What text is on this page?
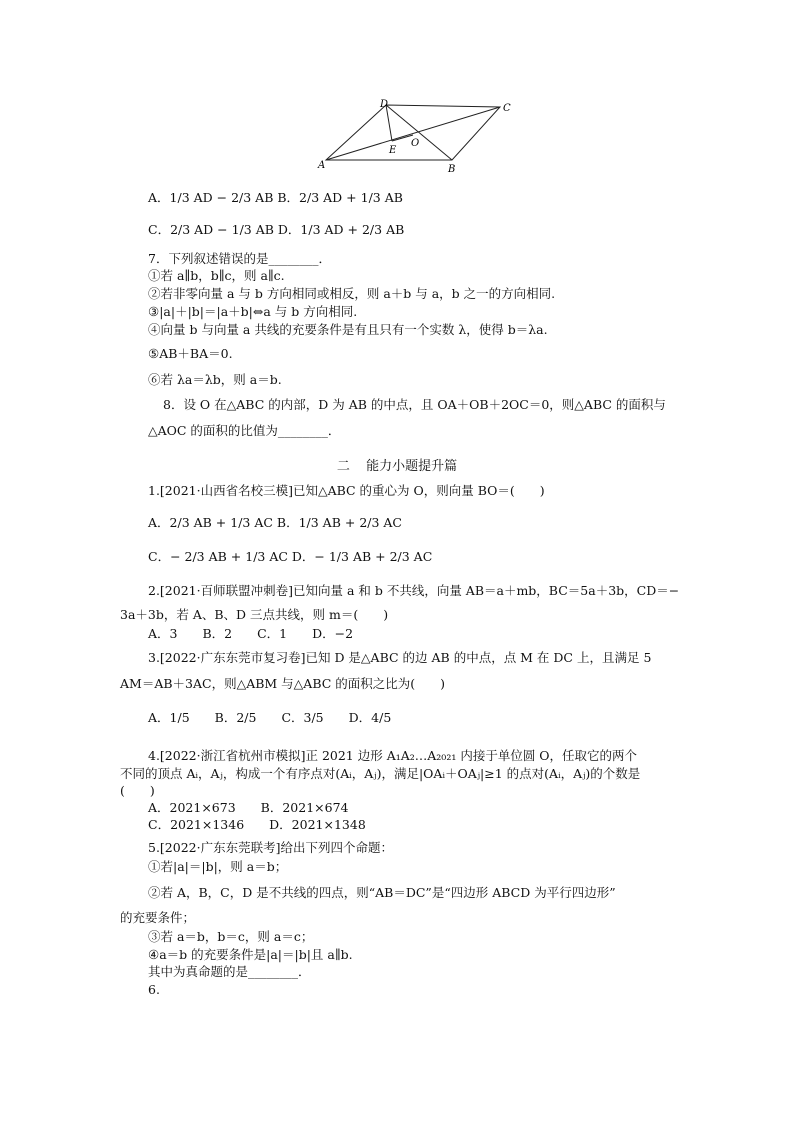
D	C
A	B
E
O
A．1/3 AD − 2/3 AB B．2/3 AD + 1/3 AB
C．2/3 AD − 1/3 AB D．1/3 AD + 2/3 AB
7．下列叙述错误的是________．
①若 a∥b，b∥c，则 a∥c.
②若非零向量 a 与 b 方向相同或相反，则 a＋b 与 a，b 之一的方向相同.
③|a|＋|b|＝|a＋b|⇔a 与 b 方向相同.
④向量 b 与向量 a 共线的充要条件是有且只有一个实数 λ，使得 b＝λa.
⑤AB＋BA＝0.
⑥若 λa＝λb，则 a＝b.
8．设 O 在△ABC 的内部，D 为 AB 的中点，且 OA＋OB＋2OC＝0，则△ABC 的面积与
△AOC 的面积的比值为________．
二 能力小题提升篇
1.[2021·山西省名校三模]已知△ABC 的重心为 O，则向量 BO＝(　　)
A．2/3 AB + 1/3 AC B．1/3 AB + 2/3 AC
C．− 2/3 AB + 1/3 AC D．− 1/3 AB + 2/3 AC
2.[2021·百师联盟冲刺卷]已知向量 a 和 b 不共线，向量 AB＝a＋mb，BC＝5a＋3b，CD＝−
3a＋3b，若 A、B、D 三点共线，则 m＝(　　)
A．3　　B．2　　C．1　　D．−2
3.[2022·广东东莞市复习卷]已知 D 是△ABC 的边 AB 的中点，点 M 在 DC 上，且满足 5
AM＝AB＋3AC，则△ABM 与△ABC 的面积之比为(　　)
A．1/5　　B．2/5　　C．3/5　　D．4/5
4.[2022·浙江省杭州市模拟]正 2021 边形 A₁A₂…A₂₀₂₁ 内接于单位圆 O，任取它的两个
不同的顶点 Aᵢ，Aⱼ，构成一个有序点对(Aᵢ，Aⱼ)，满足|OAᵢ＋OAⱼ|≥1 的点对(Aᵢ，Aⱼ)的个数是
(　　)
A．2021×673　　B．2021×674
C．2021×1346　　D．2021×1348
5.[2022·广东东莞联考]给出下列四个命题：
①若|a|＝|b|，则 a＝b；
②若 A，B，C，D 是不共线的四点，则“AB＝DC”是“四边形 ABCD 为平行四边形”
的充要条件；
③若 a＝b，b＝c，则 a＝c；
④a＝b 的充要条件是|a|＝|b|且 a∥b.
其中为真命题的是________．
6.
